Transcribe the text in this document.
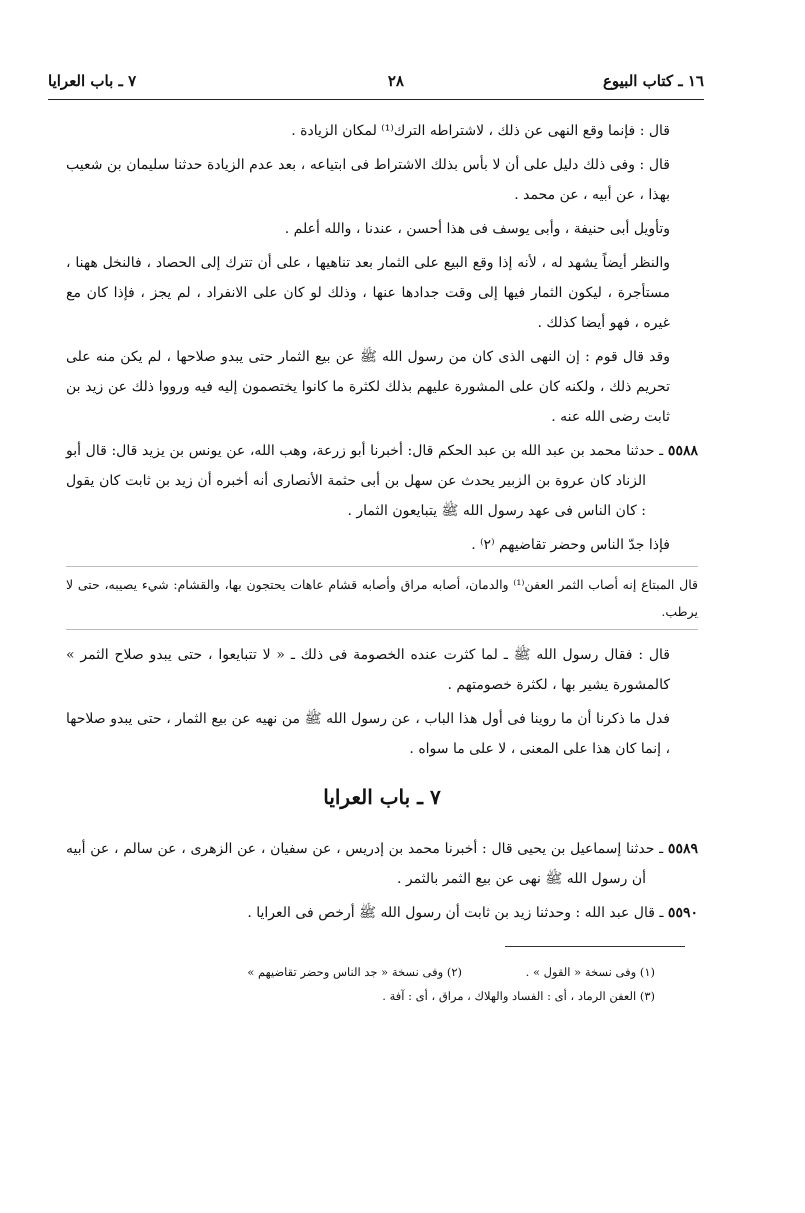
١٦ ـ كتاب البيوع
٢٨
٧ ـ باب العرايا
قال : فإنما وقع النهى عن ذلك ، لاشتراطه الترك⁽¹⁾ لمكان الزيادة .
قال : وفى ذلك دليل على أن لا بأس بذلك الاشتراط فى ابتياعه ، بعد عدم الزيادة حدثنا سليمان بن شعيب بهذا ، عن أبيه ، عن محمد .
وتأويل أبى حنيفة ، وأبى يوسف فى هذا أحسن ، عندنا ، والله أعلم .
والنظر أيضاً يشهد له ، لأنه إذا وقع البيع على الثمار بعد تناهيها ، على أن تترك إلى الحصاد ، فالنخل ههنا ، مستأجرة ، ليكون الثمار فيها إلى وقت جدادها عنها ، وذلك لو كان على الانفراد ، لم يجز ، فإذا كان مع غيره ، فهو أيضا كذلك .
وقد قال قوم : إن النهى الذى كان من رسول الله ﷺ عن بيع الثمار حتى يبدو صلاحها ، لم يكن منه على تحريم ذلك ، ولكنه كان على المشورة عليهم بذلك لكثرة ما كانوا يختصمون إليه فيه ورووا ذلك عن زيد بن ثابت رضى الله عنه .
٥٥٨٨ ـ حدثنا محمد بن عبد الله بن عبد الحكم قال: أخبرنا أبو زرعة، وهب الله، عن يونس بن يزيد قال: قال أبو الزناد كان عروة بن الزبير يحدث عن سهل بن أبى حثمة الأنصارى أنه أخبره أن زيد بن ثابت كان يقول : كان الناس فى عهد رسول الله ﷺ يتبايعون الثمار .
فإذا جدّ الناس وحضر تقاضيهم ⁽٢⁾ .
قال المبتاع إنه أصاب الثمر العفن⁽¹⁾ والدمان، أصابه مراق وأصابه قشام عاهات يحتجون بها، والقشام: شيء يصيبه، حتى لا يرطب.
قال : فقال رسول الله ﷺ ـ لما كثرت عنده الخصومة فى ذلك ـ « لا تتبايعوا ، حتى يبدو صلاح الثمر » كالمشورة يشير بها ، لكثرة خصومتهم .
فدل ما ذكرنا أن ما روينا فى أول هذا الباب ، عن رسول الله ﷺ من نهيه عن بيع الثمار ، حتى يبدو صلاحها ، إنما كان هذا على المعنى ، لا على ما سواه .
٧ ـ باب العرايا
٥٥٨٩ ـ حدثنا إسماعيل بن يحيى قال : أخبرنا محمد بن إدريس ، عن سفيان ، عن الزهرى ، عن سالم ، عن أبيه أن رسول الله ﷺ نهى عن بيع الثمر بالثمر .
٥٥٩٠ ـ قال عبد الله : وحدثنا زيد بن ثابت أن رسول الله ﷺ أرخص فى العرايا .
(١) وفى نسخة « القول » . (٢) وفى نسخة « جد الناس وحضر تقاضيهم »
(٣) العفن الرماد ، أى : الفساد والهلاك ، مراق ، أى : آفة .
